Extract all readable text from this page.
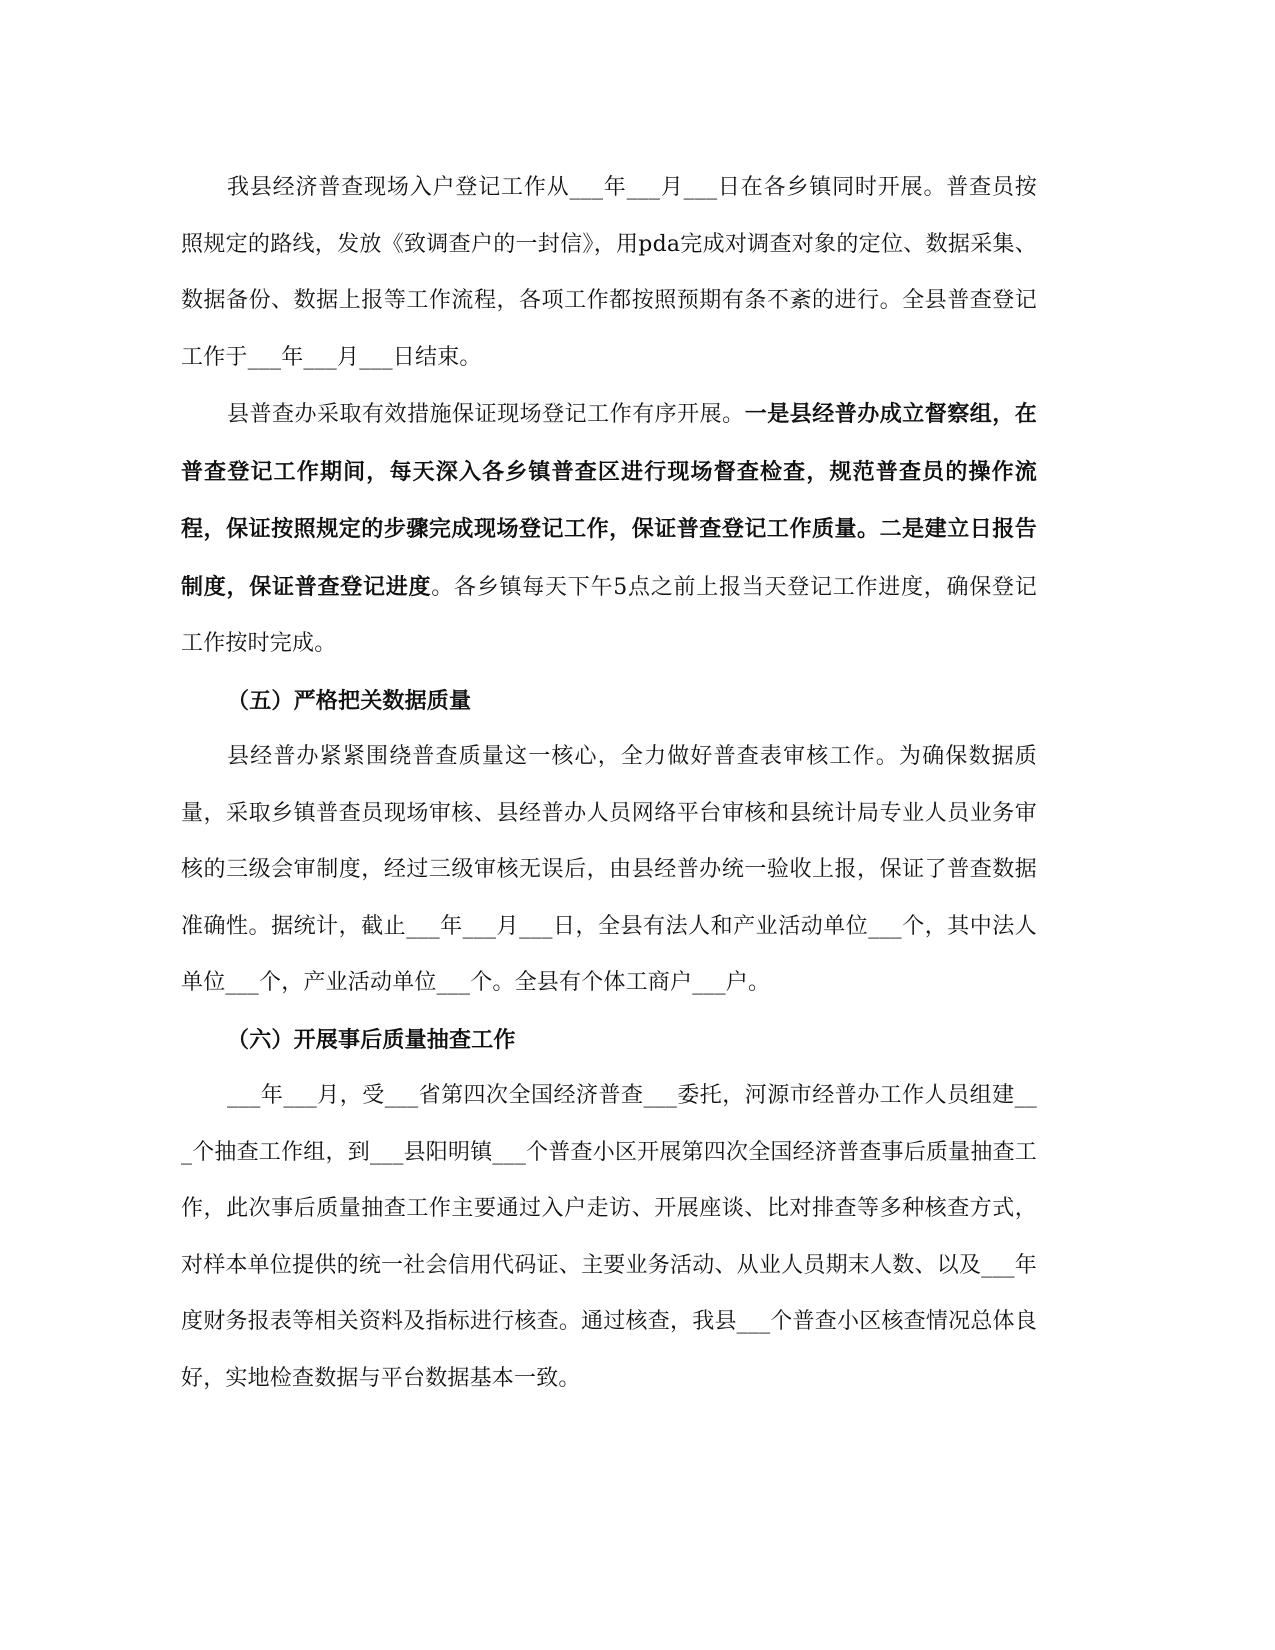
我县经济普查现场入户登记工作从___年___月___日在各乡镇同时开展。普查员按照规定的路线，发放《致调查户的一封信》，用pda完成对调查对象的定位、数据采集、数据备份、数据上报等工作流程，各项工作都按照预期有条不紊的进行。全县普查登记工作于___年___月___日结束。

县普查办采取有效措施保证现场登记工作有序开展。一是县经普办成立督察组，在普查登记工作期间，每天深入各乡镇普查区进行现场督查检查，规范普查员的操作流程，保证按照规定的步骤完成现场登记工作，保证普查登记工作质量。二是建立日报告制度，保证普查登记进度。各乡镇每天下午5点之前上报当天登记工作进度，确保登记工作按时完成。

（五）严格把关数据质量

县经普办紧紧围绕普查质量这一核心，全力做好普查表审核工作。为确保数据质量，采取乡镇普查员现场审核、县经普办人员网络平台审核和县统计局专业人员业务审核的三级会审制度，经过三级审核无误后，由县经普办统一验收上报，保证了普查数据准确性。据统计，截止___年___月___日，全县有法人和产业活动单位___个，其中法人单位___个，产业活动单位___个。全县有个体工商户___户。

（六）开展事后质量抽查工作

___年___月，受___省第四次全国经济普查___委托，河源市经普办工作人员组建___个抽查工作组，到___县阳明镇___个普查小区开展第四次全国经济普查事后质量抽查工作，此次事后质量抽查工作主要通过入户走访、开展座谈、比对排查等多种核查方式，对样本单位提供的统一社会信用代码证、主要业务活动、从业人员期末人数、以及___年度财务报表等相关资料及指标进行核查。通过核查，我县___个普查小区核查情况总体良好，实地检查数据与平台数据基本一致。
